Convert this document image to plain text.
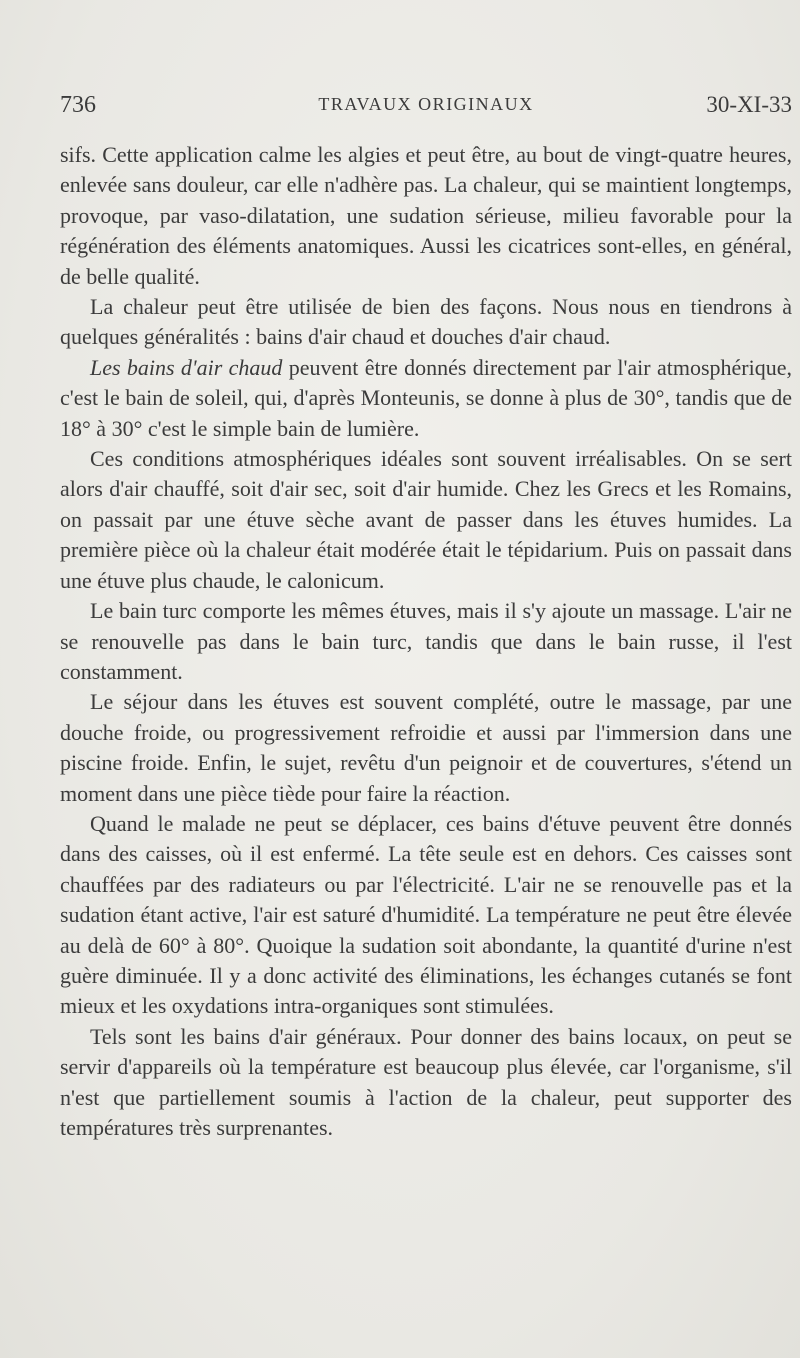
736	TRAVAUX ORIGINAUX	30-XI-33

sifs. Cette application calme les algies et peut être, au bout de vingt-quatre heures, enlevée sans douleur, car elle n'adhère pas. La chaleur, qui se maintient longtemps, provoque, par vaso-dilatation, une sudation sérieuse, milieu favorable pour la régénération des éléments anatomiques. Aussi les cicatrices sont-elles, en général, de belle qualité.

La chaleur peut être utilisée de bien des façons. Nous nous en tiendrons à quelques généralités : bains d'air chaud et douches d'air chaud.

Les bains d'air chaud peuvent être donnés directement par l'air atmosphérique, c'est le bain de soleil, qui, d'après Monteunis, se donne à plus de 30°, tandis que de 18° à 30° c'est le simple bain de lumière.

Ces conditions atmosphériques idéales sont souvent irréalisables. On se sert alors d'air chauffé, soit d'air sec, soit d'air humide. Chez les Grecs et les Romains, on passait par une étuve sèche avant de passer dans les étuves humides. La première pièce où la chaleur était modérée était le tépidarium. Puis on passait dans une étuve plus chaude, le calonicum.

Le bain turc comporte les mêmes étuves, mais il s'y ajoute un massage. L'air ne se renouvelle pas dans le bain turc, tandis que dans le bain russe, il l'est constamment.

Le séjour dans les étuves est souvent complété, outre le massage, par une douche froide, ou progressivement refroidie et aussi par l'immersion dans une piscine froide. Enfin, le sujet, revêtu d'un peignoir et de couvertures, s'étend un moment dans une pièce tiède pour faire la réaction.

Quand le malade ne peut se déplacer, ces bains d'étuve peuvent être donnés dans des caisses, où il est enfermé. La tête seule est en dehors. Ces caisses sont chauffées par des radiateurs ou par l'électricité. L'air ne se renouvelle pas et la sudation étant active, l'air est saturé d'humidité. La température ne peut être élevée au delà de 60° à 80°. Quoique la sudation soit abondante, la quantité d'urine n'est guère diminuée. Il y a donc activité des éliminations, les échanges cutanés se font mieux et les oxydations intra-organiques sont stimulées.

Tels sont les bains d'air généraux. Pour donner des bains locaux, on peut se servir d'appareils où la température est beaucoup plus élevée, car l'organisme, s'il n'est que partiellement soumis à l'action de la chaleur, peut supporter des températures très surprenantes.
